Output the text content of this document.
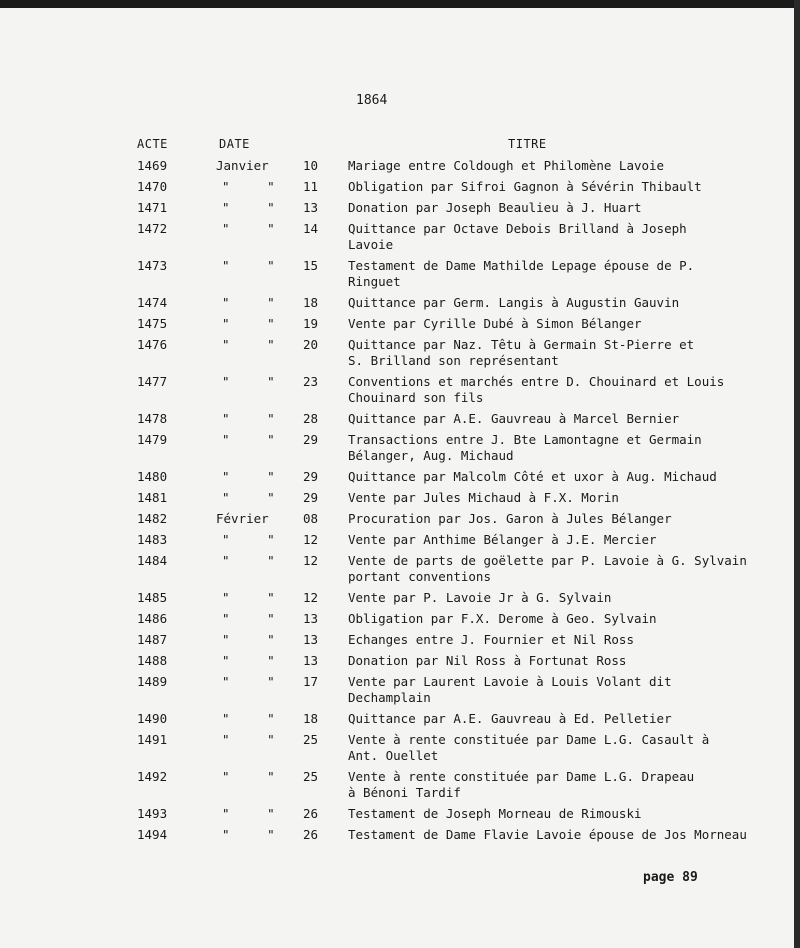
1864
ACTE	DATE	TITRE
1469	Janvier	10 Mariage entre Coldough et Philomène Lavoie
1470	"     " 11 Obligation par Sifroi Gagnon à Sévérin Thibault
1471	"     " 13 Donation par Joseph Beaulieu à J. Huart
1472	"     " 14 Quittance par Octave Debois Brilland à Joseph
Lavoie
1473	"     " 15 Testament de Dame Mathilde Lepage épouse de P.
Ringuet
1474	"     " 18 Quittance par Germ. Langis à Augustin Gauvin
1475	"     " 19 Vente par Cyrille Dubé à Simon Bélanger
1476	"     " 20 Quittance par Naz. Têtu à Germain St-Pierre et
S. Brilland son représentant
1477	"     " 23 Conventions et marchés entre D. Chouinard et Louis
Chouinard son fils
1478	"     " 28 Quittance par A.E. Gauvreau à Marcel Bernier
1479	"     " 29 Transactions entre J. Bte Lamontagne et Germain
Bélanger, Aug. Michaud
1480	"     " 29 Quittance par Malcolm Côté et uxor à Aug. Michaud
1481	"     " 29 Vente par Jules Michaud à F.X. Morin
1482	Février	08 Procuration par Jos. Garon à Jules Bélanger
1483	"     " 12 Vente par Anthime Bélanger à J.E. Mercier
1484	"     " 12 Vente de parts de goëlette par P. Lavoie à G. Sylvain
portant conventions
1485	"     " 12 Vente par P. Lavoie Jr à G. Sylvain
1486	"     " 13 Obligation par F.X. Derome à Geo. Sylvain
1487	"     " 13 Echanges entre J. Fournier et Nil Ross
1488	"     " 13 Donation par Nil Ross à Fortunat Ross
1489	"     " 17 Vente par Laurent Lavoie à Louis Volant dit
Dechamplain
1490	"     " 18 Quittance par A.E. Gauvreau à Ed. Pelletier
1491	"     " 25 Vente à rente constituée par Dame L.G. Casault à
Ant. Ouellet
1492	"     " 25 Vente à rente constituée par Dame L.G. Drapeau
à Bénoni Tardif
1493	"     " 26 Testament de Joseph Morneau de Rimouski
1494	"     " 26 Testament de Dame Flavie Lavoie épouse de Jos Morneau
page 89
